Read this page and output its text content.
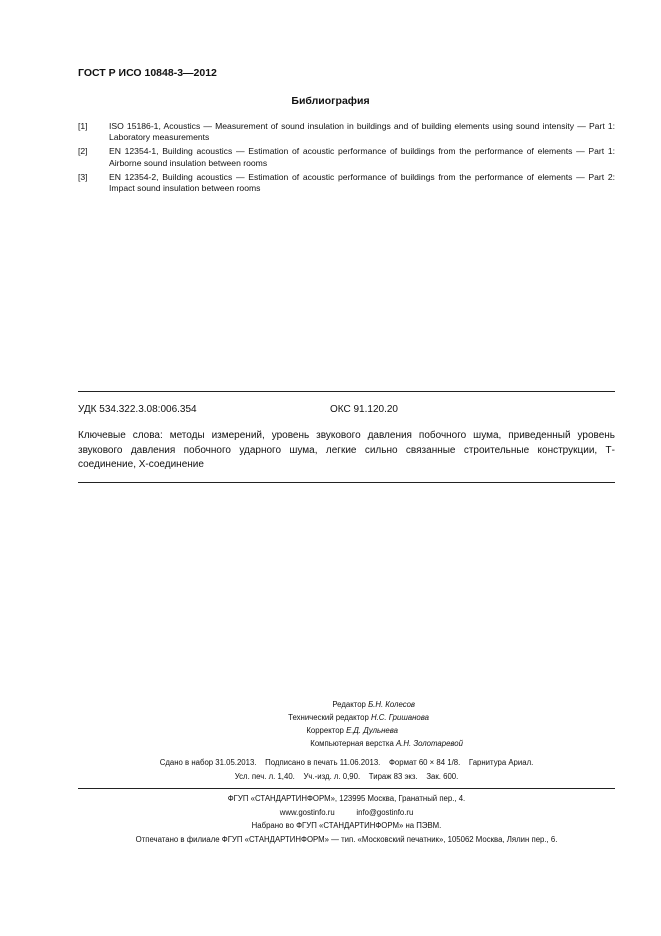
ГОСТ Р ИСО 10848-3—2012
Библиография
[1] ISO 15186-1, Acoustics — Measurement of sound insulation in buildings and of building elements using sound intensity — Part 1: Laboratory measurements
[2] EN 12354-1, Building acoustics — Estimation of acoustic performance of buildings from the performance of elements — Part 1: Airborne sound insulation between rooms
[3] EN 12354-2, Building acoustics — Estimation of acoustic performance of buildings from the performance of elements — Part 2: Impact sound insulation between rooms
УДК 534.322.3.08:006.354	ОКС 91.120.20
Ключевые слова: методы измерений, уровень звукового давления побочного шума, приведенный уровень звукового давления побочного ударного шума, легкие сильно связанные строительные конструкции, Т-соединение, Х-соединение
Редактор Б.Н. Колесов
Технический редактор Н.С. Гришанова
Корректор Е.Д. Дульнева
Компьютерная верстка А.Н. Золотаревой
Сдано в набор 31.05.2013.    Подписано в печать 11.06.2013.    Формат 60 × 84 1/8.    Гарнитура Ариал.
Усл. печ. л. 1,40.    Уч.-изд. л. 0,90.    Тираж 83 экз.    Зак. 600.
ФГУП «СТАНДАРТИНФОРМ», 123995 Москва, Гранатный пер., 4.
www.gostinfo.ru          info@gostinfo.ru
Набрано во ФГУП «СТАНДАРТИНФОРМ» на ПЭВМ.
Отпечатано в филиале ФГУП «СТАНДАРТИНФОРМ» — тип. «Московский печатник», 105062 Москва, Лялин пер., 6.
